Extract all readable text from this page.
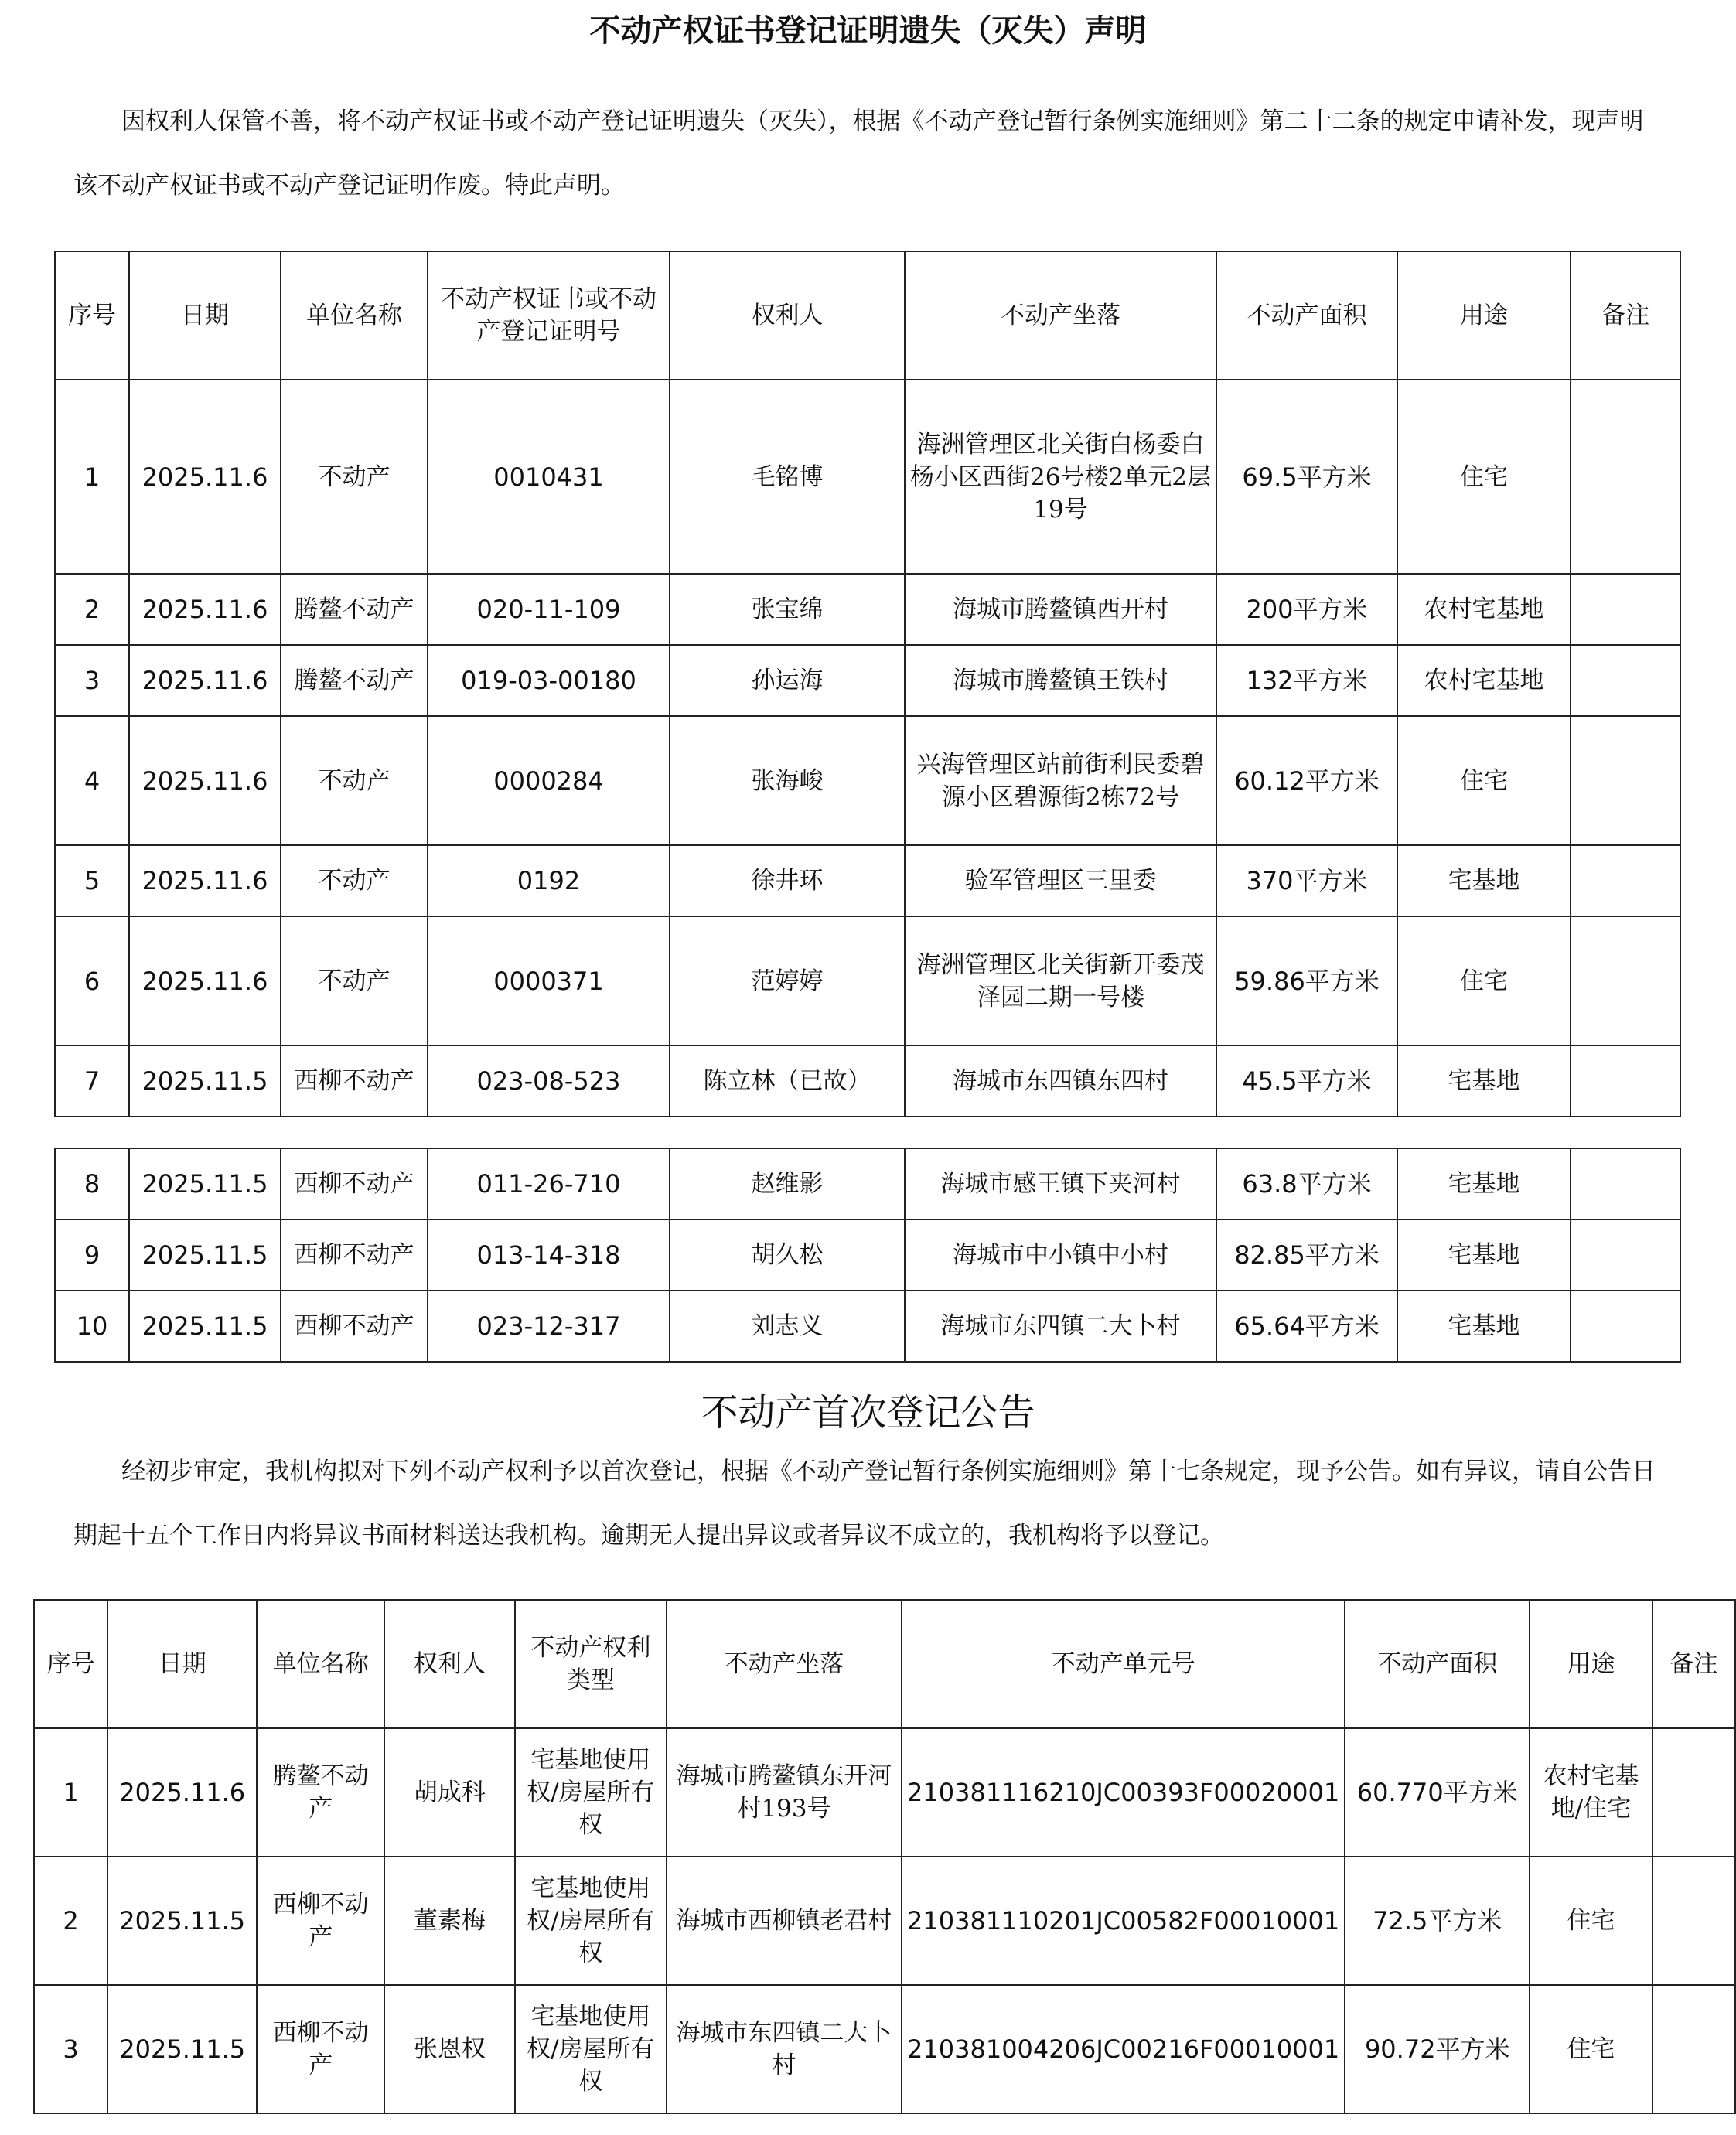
不动产权证书登记证明遗失（灭失）声明
因权利人保管不善，将不动产权证书或不动产登记证明遗失（灭失），根据《不动产登记暂行条例实施细则》第二十二条的规定申请补发，现声明该不动产权证书或不动产登记证明作废。特此声明。
序号	日期	单位名称	不动产权证书或不动产登记证明号	权利人	不动产坐落	不动产面积	用途	备注
1	2025.11.6	不动产	0010431	毛铭博	海洲管理区北关街白杨委白杨小区西街26号楼2单元2层19号	69.5平方米	住宅	
2	2025.11.6	腾鳌不动产	020-11-109	张宝绵	海城市腾鳌镇西开村	200平方米	农村宅基地	
3	2025.11.6	腾鳌不动产	019-03-00180	孙运海	海城市腾鳌镇王铁村	132平方米	农村宅基地	
4	2025.11.6	不动产	0000284	张海峻	兴海管理区站前街利民委碧源小区碧源街2栋72号	60.12平方米	住宅	
5	2025.11.6	不动产	0192	徐井环	验军管理区三里委	370平方米	宅基地	
6	2025.11.6	不动产	0000371	范婷婷	海洲管理区北关街新开委茂泽园二期一号楼	59.86平方米	住宅	
7	2025.11.5	西柳不动产	023-08-523	陈立林（已故）	海城市东四镇东四村	45.5平方米	宅基地	
8	2025.11.5	西柳不动产	011-26-710	赵维影	海城市感王镇下夹河村	63.8平方米	宅基地	
9	2025.11.5	西柳不动产	013-14-318	胡久松	海城市中小镇中小村	82.85平方米	宅基地	
10	2025.11.5	西柳不动产	023-12-317	刘志义	海城市东四镇二大卜村	65.64平方米	宅基地	
不动产首次登记公告
经初步审定，我机构拟对下列不动产权利予以首次登记，根据《不动产登记暂行条例实施细则》第十七条规定，现予公告。如有异议，请自公告日期起十五个工作日内将异议书面材料送达我机构。逾期无人提出异议或者异议不成立的，我机构将予以登记。
序号	日期	单位名称	权利人	不动产权利类型	不动产坐落	不动产单元号	不动产面积	用途	备注
1	2025.11.6	腾鳌不动产	胡成科	宅基地使用权/房屋所有权	海城市腾鳌镇东开河村193号	210381116210JC00393F00020001	60.770平方米	农村宅基地/住宅	
2	2025.11.5	西柳不动产	董素梅	宅基地使用权/房屋所有权	海城市西柳镇老君村	210381110201JC00582F00010001	72.5平方米	住宅	
3	2025.11.5	西柳不动产	张恩权	宅基地使用权/房屋所有权	海城市东四镇二大卜村	210381004206JC00216F00010001	90.72平方米	住宅	
